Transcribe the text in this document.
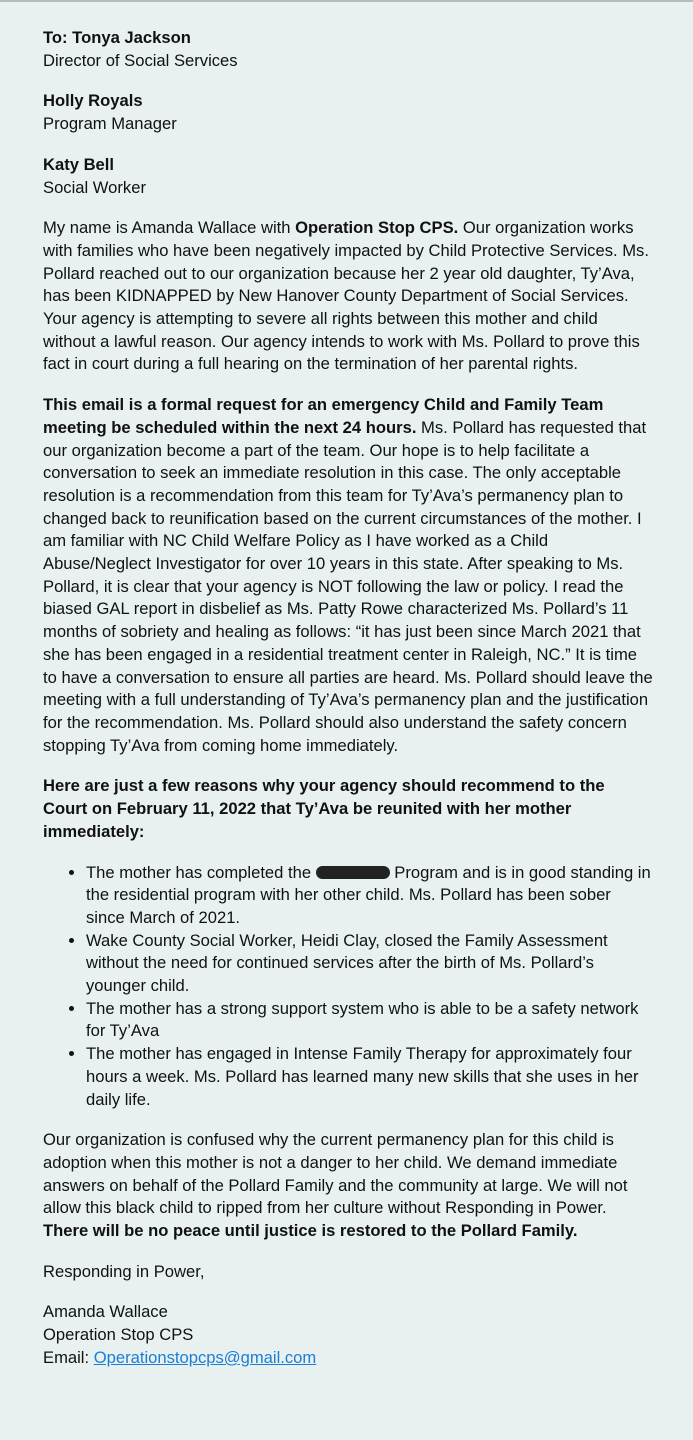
To: Tonya Jackson
Director of Social Services
Holly Royals
Program Manager
Katy Bell
Social Worker

My name is Amanda Wallace with Operation Stop CPS. Our organization works with families who have been negatively impacted by Child Protective Services. Ms. Pollard reached out to our organization because her 2 year old daughter, Ty’Ava, has been KIDNAPPED by New Hanover County Department of Social Services. Your agency is attempting to severe all rights between this mother and child without a lawful reason. Our agency intends to work with Ms. Pollard to prove this fact in court during a full hearing on the termination of her parental rights.

This email is a formal request for an emergency Child and Family Team meeting be scheduled within the next 24 hours. Ms. Pollard has requested that our organization become a part of the team. Our hope is to help facilitate a conversation to seek an immediate resolution in this case. The only acceptable resolution is a recommendation from this team for Ty’Ava’s permanency plan to changed back to reunification based on the current circumstances of the mother. I am familiar with NC Child Welfare Policy as I have worked as a Child Abuse/Neglect Investigator for over 10 years in this state. After speaking to Ms. Pollard, it is clear that your agency is NOT following the law or policy. I read the biased GAL report in disbelief as Ms. Patty Rowe characterized Ms. Pollard’s 11 months of sobriety and healing as follows: “it has just been since March 2021 that she has been engaged in a residential treatment center in Raleigh, NC.” It is time to have a conversation to ensure all parties are heard. Ms. Pollard should leave the meeting with a full understanding of Ty’Ava’s permanency plan and the justification for the recommendation. Ms. Pollard should also understand the safety concern stopping Ty’Ava from coming home immediately.

Here are just a few reasons why your agency should recommend to the Court on February 11, 2022 that Ty’Ava be reunited with her mother immediately:

• The mother has completed the	Program and is in good standing in the residential program with her other child. Ms. Pollard has been sober since March of 2021.
• Wake County Social Worker, Heidi Clay, closed the Family Assessment without the need for continued services after the birth of Ms. Pollard’s younger child.
• The mother has a strong support system who is able to be a safety network for Ty’Ava
• The mother has engaged in Intense Family Therapy for approximately four hours a week. Ms. Pollard has learned many new skills that she uses in her daily life.

Our organization is confused why the current permanency plan for this child is adoption when this mother is not a danger to her child. We demand immediate answers on behalf of the Pollard Family and the community at large. We will not allow this black child to ripped from her culture without Responding in Power. There will be no peace until justice is restored to the Pollard Family.

Responding in Power,

Amanda Wallace
Operation Stop CPS
Email: Operationstopcps@gmail.com
